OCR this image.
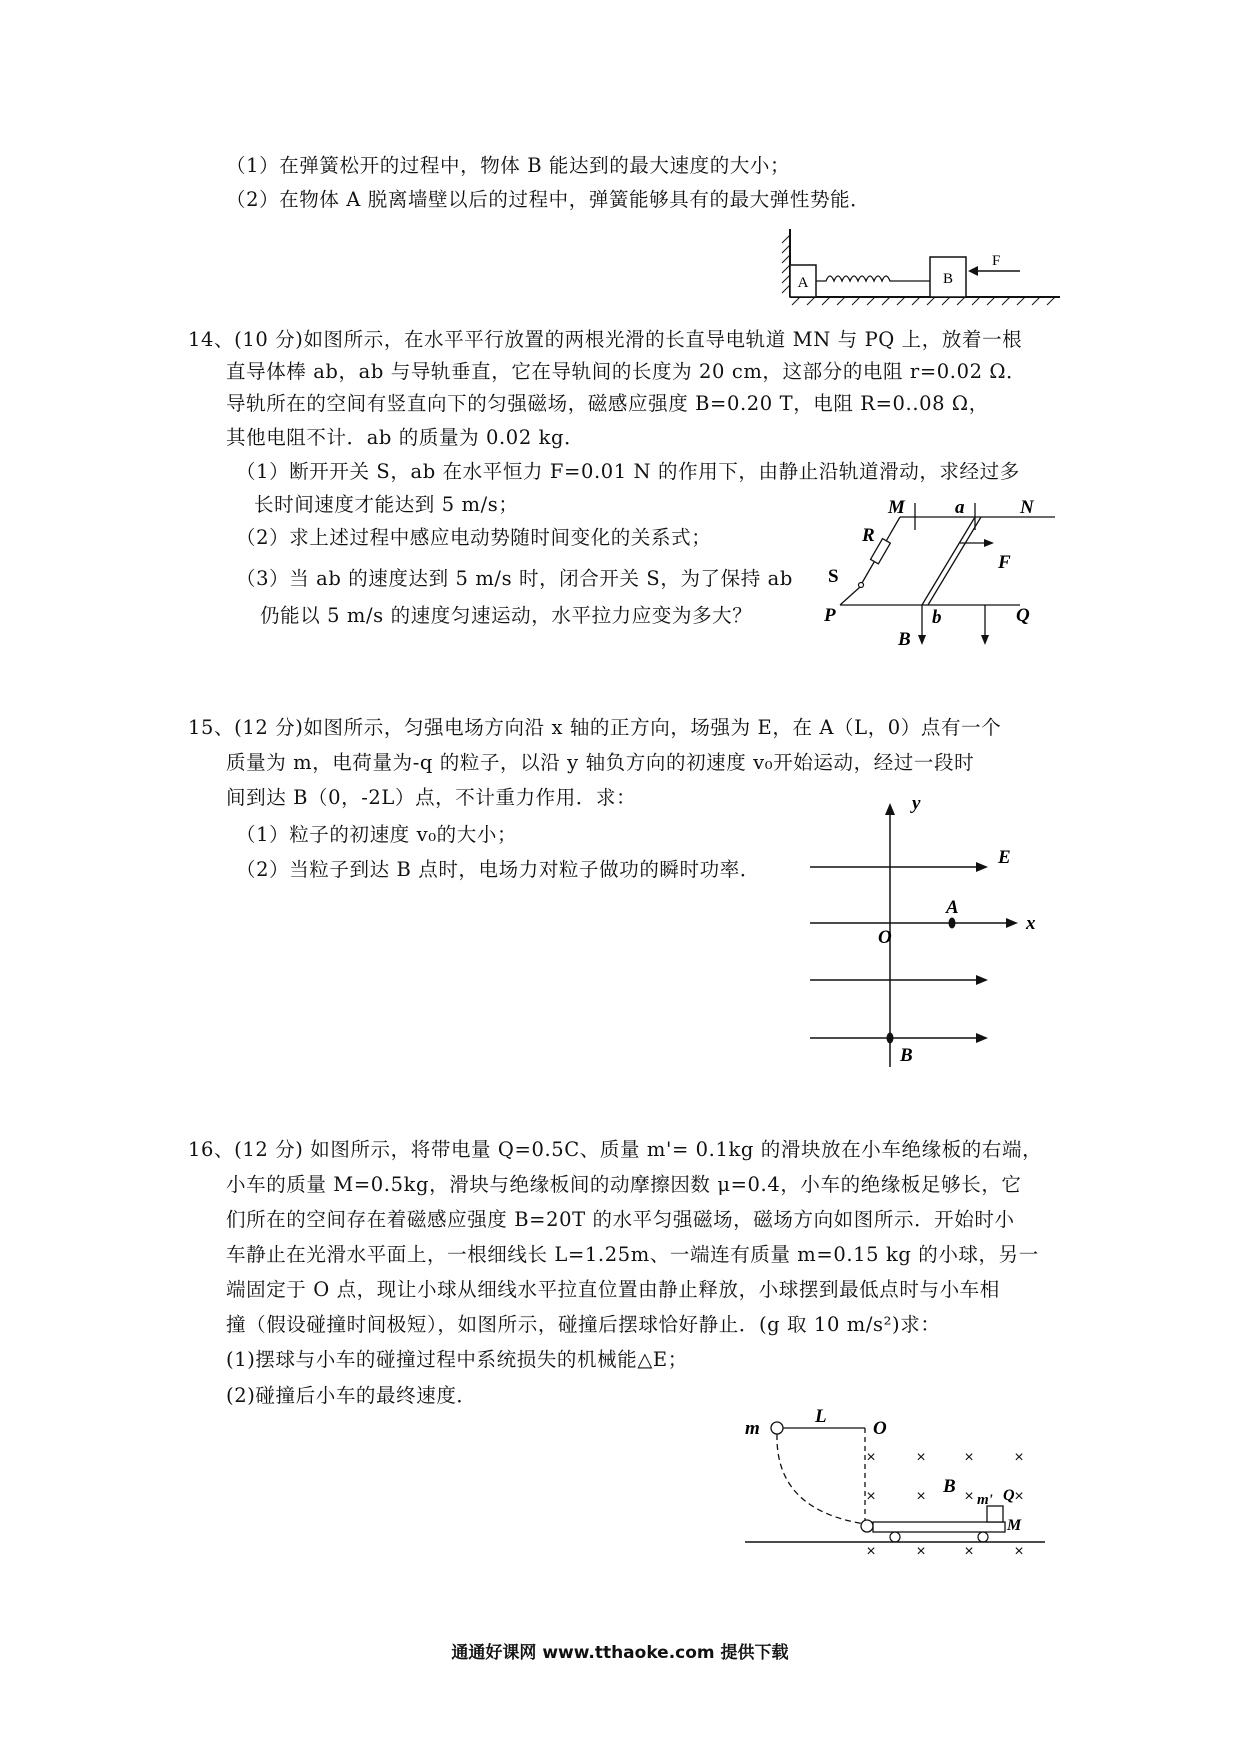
（1）在弹簧松开的过程中，物体 B 能达到的最大速度的大小；
（2）在物体 A 脱离墙壁以后的过程中，弹簧能够具有的最大弹性势能．
A	B
F
14、(10 分)如图所示，在水平平行放置的两根光滑的长直导电轨道 MN 与 PQ 上，放着一根
直导体棒 ab，ab 与导轨垂直，它在导轨间的长度为 20 cm，这部分的电阻 r=0.02 Ω．
导轨所在的空间有竖直向下的匀强磁场，磁感应强度 B=0.20 T，电阻 R=0..08 Ω，
其他电阻不计．ab 的质量为 0.02 kg．
（1）断开开关 S，ab 在水平恒力 F=0.01 N 的作用下，由静止沿轨道滑动，求经过多
长时间速度才能达到 5 m/s；
（2）求上述过程中感应电动势随时间变化的关系式；
（3）当 ab 的速度达到 5 m/s 时，闭合开关 S，为了保持 ab
仍能以 5 m/s 的速度匀速运动，水平拉力应变为多大？
M	a	N
R
F
S
P	b	Q
B
15、(12 分)如图所示，匀强电场方向沿 x 轴的正方向，场强为 E，在 A（L，0）点有一个
质量为 m，电荷量为-q 的粒子，以沿 y 轴负方向的初速度 v₀开始运动，经过一段时
间到达 B（0，-2L）点，不计重力作用．求：
（1）粒子的初速度 v₀的大小；
（2）当粒子到达 B 点时，电场力对粒子做功的瞬时功率．
y
E
A
x
O
B
16、(12 分) 如图所示，将带电量 Q=0.5C、质量 m'= 0.1kg 的滑块放在小车绝缘板的右端，
小车的质量 M=0.5kg，滑块与绝缘板间的动摩擦因数 μ=0.4，小车的绝缘板足够长，它
们所在的空间存在着磁感应强度 B=20T 的水平匀强磁场，磁场方向如图所示．开始时小
车静止在光滑水平面上，一根细线长 L=1.25m、一端连有质量 m=0.15 kg 的小球，另一
端固定于 O 点，现让小球从细线水平拉直位置由静止释放，小球摆到最低点时与小车相
撞（假设碰撞时间极短），如图所示，碰撞后摆球恰好静止．(g 取 10 m/s²)求：
(1)摆球与小车的碰撞过程中系统损失的机械能△E；
(2)碰撞后小车的最终速度．
×	× ×	×
×	× ×	×
×	× ×	×
m
L
O
B
m' Q
M
通通好课网 www.tthaoke.com 提供下载
